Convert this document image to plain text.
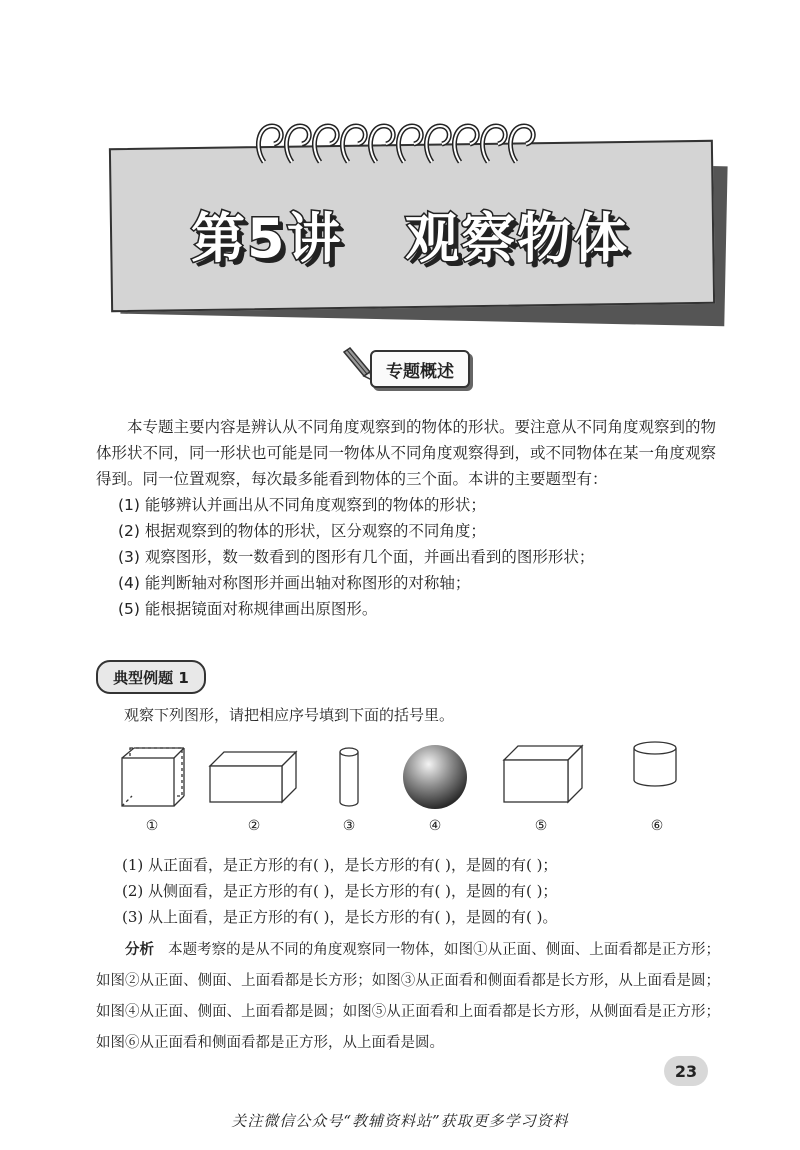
第5讲   观察物体
专题概述
本专题主要内容是辨认从不同角度观察到的物体的形状。要注意从不同角度观察到的物体形状不同，同一形状也可能是同一物体从不同角度观察得到，或不同物体在某一角度观察得到。同一位置观察，每次最多能看到物体的三个面。本讲的主要题型有：
(1) 能够辨认并画出从不同角度观察到的物体的形状；
(2) 根据观察到的物体的形状，区分观察的不同角度；
(3) 观察图形，数一数看到的图形有几个面，并画出看到的图形形状；
(4) 能判断轴对称图形并画出轴对称图形的对称轴；
(5) 能根据镜面对称规律画出原图形。
典型例题 1
观察下列图形，请把相应序号填到下面的括号里。
①	②	③	④	⑤	⑥
(1) 从正面看，是正方形的有( )，是长方形的有( )，是圆的有( )；
(2) 从侧面看，是正方形的有( )，是长方形的有( )，是圆的有( )；
(3) 从上面看，是正方形的有( )，是长方形的有( )，是圆的有( )。
分析 本题考察的是从不同的角度观察同一物体，如图①从正面、侧面、上面看都是正方形；如图②从正面、侧面、上面看都是长方形；如图③从正面看和侧面看都是长方形，从上面看是圆；如图④从正面、侧面、上面看都是圆；如图⑤从正面看和上面看都是长方形，从侧面看是正方形；如图⑥从正面看和侧面看都是正方形，从上面看是圆。
23
关注微信公众号“教辅资料站”获取更多学习资料
